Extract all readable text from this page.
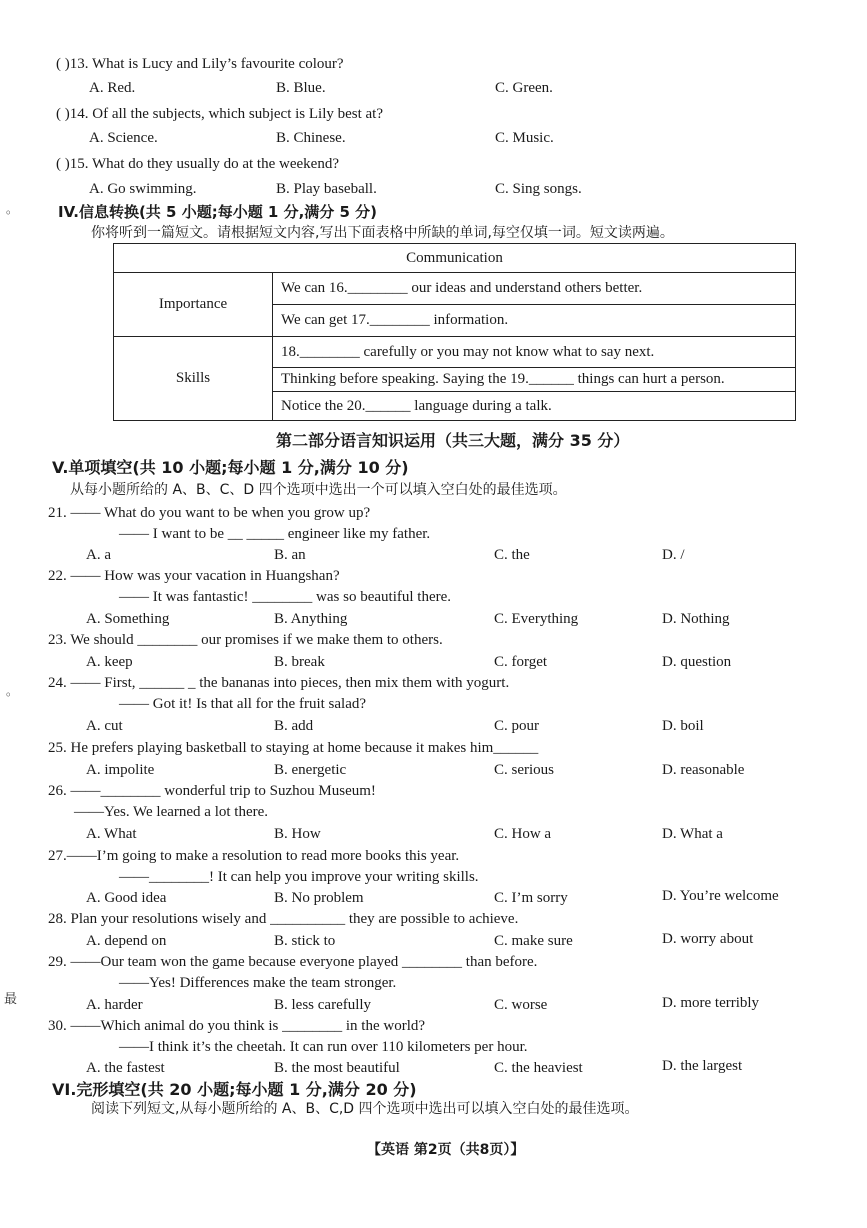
。
。
最
( )13. What is Lucy and Lily’s favourite colour?
A. Red.	B. Blue.	C. Green.
( )14. Of all the subjects, which subject is Lily best at?
A. Science.	B. Chinese.	C. Music.
( )15. What do they usually do at the weekend?
A. Go swimming.	B. Play baseball.	C. Sing songs.
IV.信息转换(共 5 小题;每小题 1 分,满分 5 分)
你将听到一篇短文。请根据短文内容,写出下面表格中所缺的单词,每空仅填一词。短文读两遍。
Communication	
Importance	We can 16.________ our ideas and understand others better.
	We can get 17.________ information.
Skills	18.________ carefully or you may not know what to say next.
	Thinking before speaking. Saying the 19.______ things can hurt a person.
	Notice the 20.______ language during a talk.
第二部分语言知识运用（共三大题，满分 35 分）
V.单项填空(共 10 小题;每小题 1 分,满分 10 分)
从每小题所给的 A、B、C、D 四个选项中选出一个可以填入空白处的最佳选项。
21. —— What do you want to be when you grow up?
—— I want to be __ _____ engineer like my father.
A. a	B. an	C. the	D. /
22. —— How was your vacation in Huangshan?
—— It was fantastic! ________ was so beautiful there.
A. Something	B. Anything	C. Everything	D. Nothing
23. We should ________ our promises if we make them to others.
A. keep	B. break	C. forget	D. question
24. —— First, ______ _ the bananas into pieces, then mix them with yogurt.
—— Got it! Is that all for the fruit salad?
A. cut	B. add	C. pour	D. boil
25. He prefers playing basketball to staying at home because it makes him______
A. impolite	B. energetic	C. serious	D. reasonable
26. ——________ wonderful trip to Suzhou Museum!
——Yes. We learned a lot there.
A. What	B. How	C. How a	D. What a
27.——I’m going to make a resolution to read more books this year.
——________! It can help you improve your writing skills.
A. Good idea	B. No problem	C. I’m sorry	D. You’re welcome
28. Plan your resolutions wisely and __________ they are possible to achieve.
A. depend on	B. stick to	C. make sure	D. worry about
29. ——Our team won the game because everyone played ________ than before.
——Yes! Differences make the team stronger.
A. harder	B. less carefully	C. worse	D. more terribly
30. ——Which animal do you think is ________ in the world?
——I think it’s the cheetah. It can run over 110 kilometers per hour.
A. the fastest	B. the most beautiful	C. the heaviest	D. the largest
VI.完形填空(共 20 小题;每小题 1 分,满分 20 分)
阅读下列短文,从每小题所给的 A、B、C,D 四个选项中选出可以填入空白处的最佳选项。
【英语 第2页（共8页）】
